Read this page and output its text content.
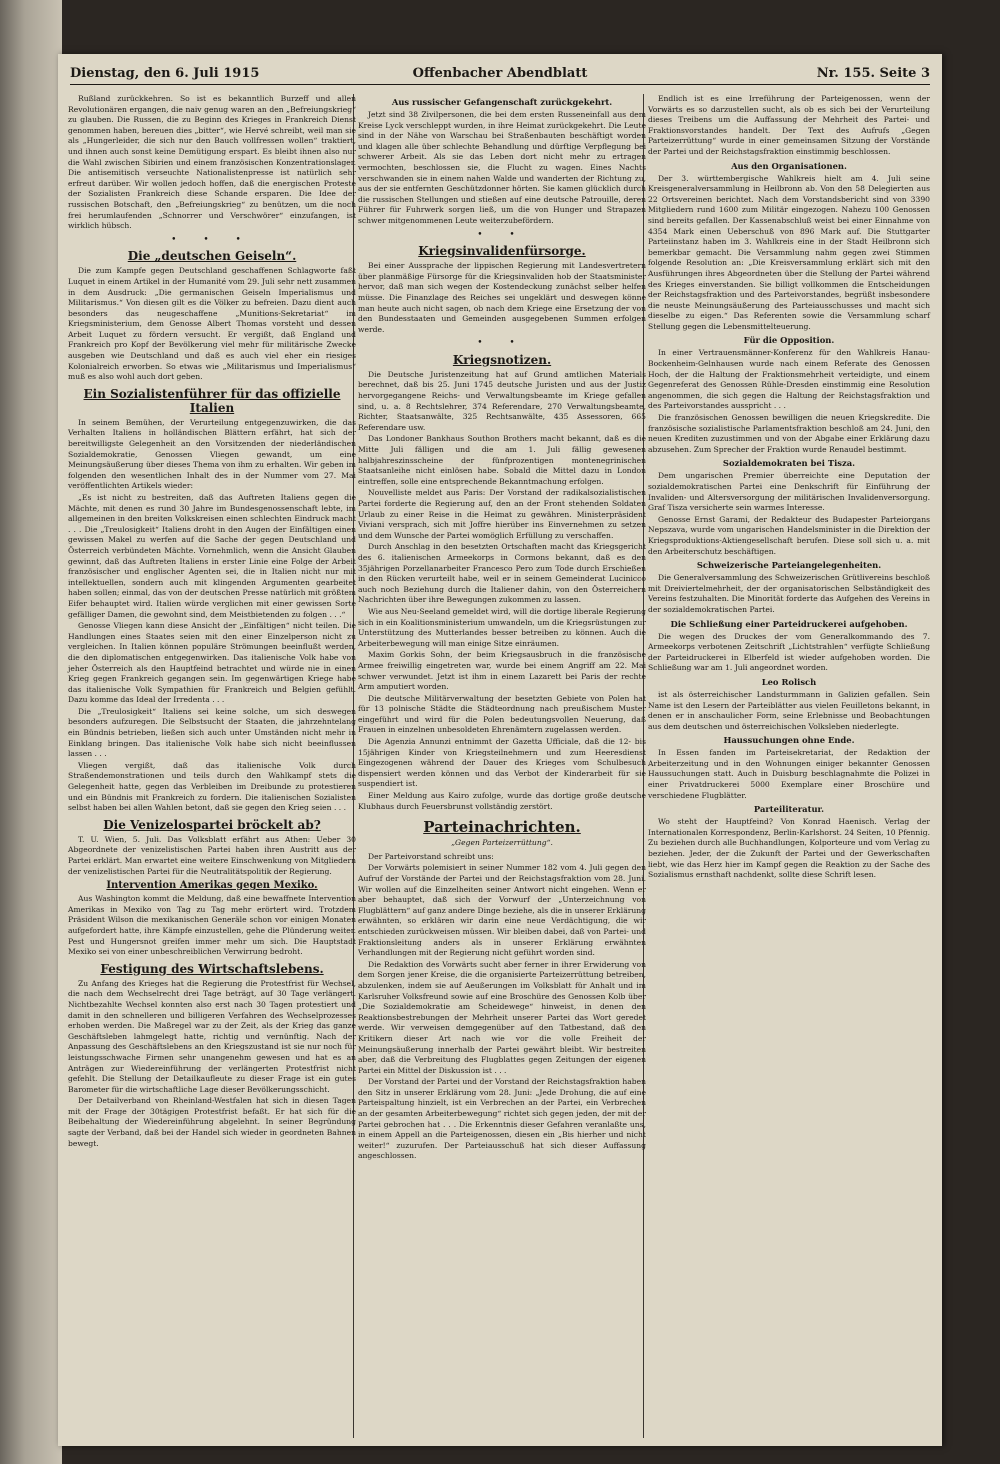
Dienstag, den 6. Juli 1915	Offenbacher Abendblatt	Nr. 155. Seite 3

Rußland zurückkehren. So ist es bekanntlich Burzeff und allen Revolutionären ergangen, die naiv genug waren an den „Befreiungskrieg“ zu glauben. Die Russen, die zu Beginn des Krieges in Frankreich Dienst genommen haben, bereuen dies „bitter“, wie Hervé schreibt, weil man sie als „Hungerleider, die sich nur den Bauch vollfressen wollen“ traktiert, und ihnen auch sonst keine Demütigung erspart. Es bleibt ihnen also nur die Wahl zwischen Sibirien und einem französischen Konzentrationslager. Die antisemitisch verseuchte Nationalistenpresse ist natürlich sehr erfreut darüber. Wir wollen jedoch hoffen, daß die energischen Proteste der Sozialisten Frankreich diese Schande ersparen. Die Idee der russischen Botschaft, den „Befreiungskrieg“ zu benützen, um die noch frei herumlaufenden „Schnorrer und Verschwörer“ einzufangen, ist wirklich hübsch.

• • •
Die „deutschen Geiseln“.

Die zum Kampfe gegen Deutschland geschaffenen Schlagworte faßt Luquet in einem Artikel in der Humanité vom 29. Juli sehr nett zusammen in dem Ausdruck: „Die germanischen Geiseln Imperialismus und Militarismus.“ Von diesen gilt es die Völker zu befreien. Dazu dient auch besonders das neugeschaffene „Munitions-Sekretariat“ im Kriegsministerium, dem Genosse Albert Thomas vorsteht und dessen Arbeit Luquet zu fördern versucht. Er vergißt, daß England und Frankreich pro Kopf der Bevölkerung viel mehr für militärische Zwecke ausgeben wie Deutschland und daß es auch viel eher ein riesiges Kolonialreich erworben. So etwas wie „Militarismus und Imperialismus“ muß es also wohl auch dort geben.

Ein Sozialistenführer für das offizielle Italien

In seinem Bemühen, der Verurteilung entgegenzuwirken, die das Verhalten Italiens in holländischen Blättern erfährt, hat sich der bereitwilligste Gelegenheit an den Vorsitzenden der niederländischen Sozialdemokratie, Genossen Vliegen gewandt, um eine Meinungsäußerung über dieses Thema von ihm zu erhalten. Wir geben im folgenden den wesentlichen Inhalt des in der Nummer vom 27. Mai veröffentlichten Artikels wieder:

„Es ist nicht zu bestreiten, daß das Auftreten Italiens gegen die Mächte, mit denen es rund 30 Jahre im Bundesgenossenschaft lebte, im allgemeinen in den breiten Volkskreisen einen schlechten Eindruck macht . . . Die „Treulosigkeit“ Italiens droht in den Augen der Einfältigen einen gewissen Makel zu werfen auf die Sache der gegen Deutschland und Österreich verbündeten Mächte. Vornehmlich, wenn die Ansicht Glauben gewinnt, daß das Auftreten Italiens in erster Linie eine Folge der Arbeit französischer und englischer Agenten sei, die in Italien nicht nur mit intellektuellen, sondern auch mit klingenden Argumenten gearbeitet haben sollen; einmal, das von der deutschen Presse natürlich mit größtem Eifer behauptet wird. Italien würde verglichen mit einer gewissen Sorte gefälliger Damen, die gewohnt sind, dem Meistbietenden zu folgen . . .“

Genosse Vliegen kann diese Ansicht der „Einfältigen“ nicht teilen. Die Handlungen eines Staates seien mit den einer Einzelperson nicht zu vergleichen. In Italien können populäre Strömungen beeinflußt werden, die den diplomatischen entgegenwirken. Das italienische Volk habe von jeher Österreich als den Hauptfeind betrachtet und würde nie in einen Krieg gegen Frankreich gegangen sein. Im gegenwärtigen Kriege habe das italienische Volk Sympathien für Frankreich und Belgien gefühlt. Dazu komme das Ideal der Irredenta . . .

Die „Treulosigkeit“ Italiens sei keine solche, um sich deswegen besonders aufzuregen. Die Selbstsucht der Staaten, die jahrzehntelang ein Bündnis betrieben, ließen sich auch unter Umständen nicht mehr in Einklang bringen. Das italienische Volk habe sich nicht beeinflussen lassen . . .

Vliegen vergißt, daß das italienische Volk durch Straßendemonstrationen und teils durch den Wahlkampf stets die Gelegenheit hatte, gegen das Verbleiben im Dreibunde zu protestieren und ein Bündnis mit Frankreich zu fordern. Die italienischen Sozialisten selbst haben bei allen Wahlen betont, daß sie gegen den Krieg seien . . .

Die Venizelospartei bröckelt ab?

T. U. Wien, 5. Juli. Das Volksblatt erfährt aus Athen: Ueber 30 Abgeordnete der venizelistischen Partei haben ihren Austritt aus der Partei erklärt. Man erwartet eine weitere Einschwenkung von Mitgliedern der venizelistischen Partei für die Neutralitätspolitik der Regierung.

Intervention Amerikas gegen Mexiko.

Aus Washington kommt die Meldung, daß eine bewaffnete Intervention Amerikas in Mexiko von Tag zu Tag mehr erörtert wird. Trotzdem Präsident Wilson die mexikanischen Generäle schon vor einigen Monaten aufgefordert hatte, ihre Kämpfe einzustellen, gehe die Plünderung weiter. Pest und Hungersnot greifen immer mehr um sich. Die Hauptstadt Mexiko sei von einer unbeschreiblichen Verwirrung bedroht.

Festigung des Wirtschaftslebens.

Zu Anfang des Krieges hat die Regierung die Protestfrist für Wechsel, die nach dem Wechselrecht drei Tage beträgt, auf 30 Tage verlängert. Nichtbezahlte Wechsel konnten also erst nach 30 Tagen protestiert und damit in den schnelleren und billigeren Verfahren des Wechselprozesses erhoben werden. Die Maßregel war zu der Zeit, als der Krieg das ganze Geschäftsleben lahmgelegt hatte, richtig und vernünftig. Nach der Anpassung des Geschäftslebens an den Kriegszustand ist sie nur noch für leistungsschwache Firmen sehr unangenehm gewesen und hat es an Anträgen zur Wiedereinführung der verlängerten Protestfrist nicht gefehlt. Die Stellung der Detailkaufleute zu dieser Frage ist ein gutes Barometer für die wirtschaftliche Lage dieser Bevölkerungsschicht.

Der Detailverband von Rheinland-Westfalen hat sich in diesen Tagen mit der Frage der 30tägigen Protestfrist befaßt. Er hat sich für die Beibehaltung der Wiedereinführung abgelehnt. In seiner Begründung sagte der Verband, daß bei der Handel sich wieder in geordneten Bahnen bewegt.

Aus russischer Gefangenschaft zurückgekehrt.

Jetzt sind 38 Zivilpersonen, die bei dem ersten Russeneinfall aus dem Kreise Lyck verschleppt wurden, in ihre Heimat zurückgekehrt. Die Leute sind in der Nähe von Warschau bei Straßenbauten beschäftigt worden und klagen alle über schlechte Behandlung und dürftige Verpflegung bei schwerer Arbeit. Als sie das Leben dort nicht mehr zu ertragen vermochten, beschlossen sie, die Flucht zu wagen. Eines Nachts verschwanden sie in einem nahen Walde und wanderten der Richtung zu, aus der sie entfernten Geschützdonner hörten. Sie kamen glücklich durch die russischen Stellungen und stießen auf eine deutsche Patrouille, deren Führer für Fuhrwerk sorgen ließ, um die von Hunger und Strapazen schwer mitgenommenen Leute weiterzubefördern.

• •
Kriegsinvalidenfürsorge.

Bei einer Aussprache der lippischen Regierung mit Landesvertretern über planmäßige Fürsorge für die Kriegsinvaliden hob der Staatsminister hervor, daß man sich wegen der Kostendeckung zunächst selber helfen müsse. Die Finanzlage des Reiches sei ungeklärt und deswegen könne man heute auch nicht sagen, ob nach dem Kriege eine Ersetzung der von den Bundesstaaten und Gemeinden ausgegebenen Summen erfolgen werde.

• •
Kriegsnotizen.

Die Deutsche Juristenzeitung hat auf Grund amtlichen Materials berechnet, daß bis 25. Juni 1745 deutsche Juristen und aus der Justiz hervorgegangene Reichs- und Verwaltungsbeamte im Kriege gefallen sind, u. a. 8 Rechtslehrer, 374 Referendare, 270 Verwaltungsbeamte, Richter, Staatsanwälte, 325 Rechtsanwälte, 435 Assessoren, 665 Referendare usw.

Das Londoner Bankhaus Southon Brothers macht bekannt, daß es die Mitte Juli fälligen und die am 1. Juli fällig gewesenen halbjahreszinsscheine der fünfprozentigen montenegrinischen Staatsanleihe nicht einlösen habe. Sobald die Mittel dazu in London eintreffen, solle eine entsprechende Bekanntmachung erfolgen.

Nouvelliste meldet aus Paris: Der Vorstand der radikalsozialistischen Partei forderte die Regierung auf, den an der Front stehenden Soldaten Urlaub zu einer Reise in die Heimat zu gewähren. Ministerpräsident Viviani versprach, sich mit Joffre hierüber ins Einvernehmen zu setzen und dem Wunsche der Partei womöglich Erfüllung zu verschaffen.

Durch Anschlag in den besetzten Ortschaften macht das Kriegsgericht des 6. italienischen Armeekorps in Cormons bekannt, daß es den 35jährigen Porzellanarbeiter Francesco Pero zum Tode durch Erschießen in den Rücken verurteilt habe, weil er in seinem Gemeinderat Lucinicco auch noch Beziehung durch die Italiener dahin, von den Österreichern Nachrichten über ihre Bewegungen zukommen zu lassen.

Wie aus Neu-Seeland gemeldet wird, will die dortige liberale Regierung sich in ein Koalitionsministerium umwandeln, um die Kriegsrüstungen zur Unterstützung des Mutterlandes besser betreiben zu können. Auch die Arbeiterbewegung will man einige Sitze einräumen.

Maxim Gorkis Sohn, der beim Kriegsausbruch in die französische Armee freiwillig eingetreten war, wurde bei einem Angriff am 22. Mai schwer verwundet. Jetzt ist ihm in einem Lazarett bei Paris der rechte Arm amputiert worden.

Die deutsche Militärverwaltung der besetzten Gebiete von Polen hat für 13 polnische Städte die Städteordnung nach preußischem Muster eingeführt und wird für die Polen bedeutungsvollen Neuerung, daß Frauen in einzelnen unbesoldeten Ehrenämtern zugelassen werden.

Die Agenzia Annunzi entnimmt der Gazetta Ufficiale, daß die 12- bis 15jährigen Kinder von Kriegsteilnehmern und zum Heeresdienst Eingezogenen während der Dauer des Krieges vom Schulbesuch dispensiert werden können und das Verbot der Kinderarbeit für sie suspendiert ist.

Einer Meldung aus Kairo zufolge, wurde das dortige große deutsche Klubhaus durch Feuersbrunst vollständig zerstört.

Parteinachrichten.
„Gegen Parteizerrüttung“.

Der Parteivorstand schreibt uns:

Der Vorwärts polemisiert in seiner Nummer 182 vom 4. Juli gegen den Aufruf der Vorstände der Partei und der Reichstagsfraktion vom 28. Juni. Wir wollen auf die Einzelheiten seiner Antwort nicht eingehen. Wenn er aber behauptet, daß sich der Vorwurf der „Unterzeichnung von Flugblättern“ auf ganz andere Dinge beziehe, als die in unserer Erklärung erwähnten, so erklären wir darin eine neue Verdächtigung, die wir entschieden zurückweisen müssen. Wir bleiben dabei, daß von Partei- und Fraktionsleitung anders als in unserer Erklärung erwähnten Verhandlungen mit der Regierung nicht geführt worden sind.

Die Redaktion des Vorwärts sucht aber ferner in ihrer Erwiderung von dem Sorgen jener Kreise, die die organisierte Parteizerrüttung betreiben, abzulenken, indem sie auf Aeußerungen im Volksblatt für Anhalt und im Karlsruher Volksfreund sowie auf eine Broschüre des Genossen Kolb über „Die Sozialdemokratie am Scheidewege“ hinweist, in denen den Reaktionsbestrebungen der Mehrheit unserer Partei das Wort geredet werde. Wir verweisen demgegenüber auf den Tatbestand, daß den Kritikern dieser Art nach wie vor die volle Freiheit der Meinungsäußerung innerhalb der Partei gewährt bleibt. Wir bestreiten aber, daß die Verbreitung des Flugblattes gegen Zeitungen der eigenen Partei ein Mittel der Diskussion ist . . .

Der Vorstand der Partei und der Vorstand der Reichstagsfraktion haben den Sitz in unserer Erklärung vom 28. Juni: „Jede Drohung, die auf eine Parteispaltung hinzielt, ist ein Verbrechen an der Partei, ein Verbrechen an der gesamten Arbeiterbewegung“ richtet sich gegen jeden, der mit der Partei gebrochen hat . . . Die Erkenntnis dieser Gefahren veranlaßte uns, in einem Appell an die Parteigenossen, diesen ein „Bis hierher und nicht weiter!“ zuzurufen. Der Parteiausschuß hat sich dieser Auffassung angeschlossen.

Endlich ist es eine Irreführung der Parteigenossen, wenn der Vorwärts es so darzustellen sucht, als ob es sich bei der Verurteilung dieses Treibens um die Auffassung der Mehrheit des Partei- und Fraktionsvorstandes handelt. Der Text des Aufrufs „Gegen Parteizerrüttung“ wurde in einer gemeinsamen Sitzung der Vorstände der Partei und der Reichstagsfraktion einstimmig beschlossen.

Aus den Organisationen.

Der 3. württembergische Wahlkreis hielt am 4. Juli seine Kreisgeneralversammlung in Heilbronn ab. Von den 58 Delegierten aus 22 Ortsvereinen berichtet. Nach dem Vorstandsbericht sind von 3390 Mitgliedern rund 1600 zum Militär eingezogen. Nahezu 100 Genossen sind bereits gefallen. Der Kassenabschluß weist bei einer Einnahme von 4354 Mark einen Ueberschuß von 896 Mark auf. Die Stuttgarter Parteiinstanz haben im 3. Wahlkreis eine in der Stadt Heilbronn sich bemerkbar gemacht. Die Versammlung nahm gegen zwei Stimmen folgende Resolution an: „Die Kreisversammlung erklärt sich mit den Ausführungen ihres Abgeordneten über die Stellung der Partei während des Krieges einverstanden. Sie billigt vollkommen die Entscheidungen der Reichstagsfraktion und des Parteivorstandes, begrüßt insbesondere die neuste Meinungsäußerung des Parteiausschusses und macht sich dieselbe zu eigen.“ Das Referenten sowie die Versammlung scharf Stellung gegen die Lebensmittelteuerung.

Für die Opposition.

In einer Vertrauensmänner-Konferenz für den Wahlkreis Hanau-Bockenheim-Gelnhausen wurde nach einem Referate des Genossen Hoch, der die Haltung der Fraktionsmehrheit verteidigte, und einem Gegenreferat des Genossen Rühle-Dresden einstimmig eine Resolution angenommen, die sich gegen die Haltung der Reichstagsfraktion und des Parteivorstandes ausspricht . . .

Die französischen Genossen bewilligen die neuen Kriegskredite. Die französische sozialistische Parlamentsfraktion beschloß am 24. Juni, den neuen Krediten zuzustimmen und von der Abgabe einer Erklärung dazu abzusehen. Zum Sprecher der Fraktion wurde Renaudel bestimmt.

Sozialdemokraten bei Tisza.

Dem ungarischen Premier überreichte eine Deputation der sozialdemokratischen Partei eine Denkschrift für Einführung der Invaliden- und Altersversorgung der militärischen Invalidenversorgung. Graf Tisza versicherte sein warmes Interesse.

Genosse Ernst Garami, der Redakteur des Budapester Parteiorgans Nepszava, wurde vom ungarischen Handelsminister in die Direktion der Kriegsproduktions-Aktiengesellschaft berufen. Diese soll sich u. a. mit den Arbeiterschutz beschäftigen.

Schweizerische Parteiangelegenheiten.

Die Generalversammlung des Schweizerischen Grütlivereins beschloß mit Dreiviertelmehrheit, der der organisatorischen Selbständigkeit des Vereins festzuhalten. Die Minorität forderte das Aufgehen des Vereins in der sozialdemokratischen Partei.

Die Schließung einer Parteidruckerei aufgehoben.

Die wegen des Druckes der vom Generalkommando des 7. Armeekorps verbotenen Zeitschrift „Lichtstrahlen“ verfügte Schließung der Parteidruckerei in Elberfeld ist wieder aufgehoben worden. Die Schließung war am 1. Juli angeordnet worden.

Leo Rolisch

ist als österreichischer Landsturmmann in Galizien gefallen. Sein Name ist den Lesern der Parteiblätter aus vielen Feuilletons bekannt, in denen er in anschaulicher Form, seine Erlebnisse und Beobachtungen aus dem deutschen und österreichischen Volksleben niederlegte.

Haussuchungen ohne Ende.

In Essen fanden im Parteisekretariat, der Redaktion der Arbeiterzeitung und in den Wohnungen einiger bekannter Genossen Haussuchungen statt. Auch in Duisburg beschlagnahmte die Polizei in einer Privatdruckerei 5000 Exemplare einer Broschüre und verschiedene Flugblätter.

Parteiliteratur.

Wo steht der Hauptfeind? Von Konrad Haenisch. Verlag der Internationalen Korrespondenz, Berlin-Karlshorst. 24 Seiten, 10 Pfennig. Zu beziehen durch alle Buchhandlungen, Kolporteure und vom Verlag zu beziehen. Jeder, der die Zukunft der Partei und der Gewerkschaften liebt, wie das Herz hier im Kampf gegen die Reaktion zu der Sache des Sozialismus ernsthaft nachdenkt, sollte diese Schrift lesen.
